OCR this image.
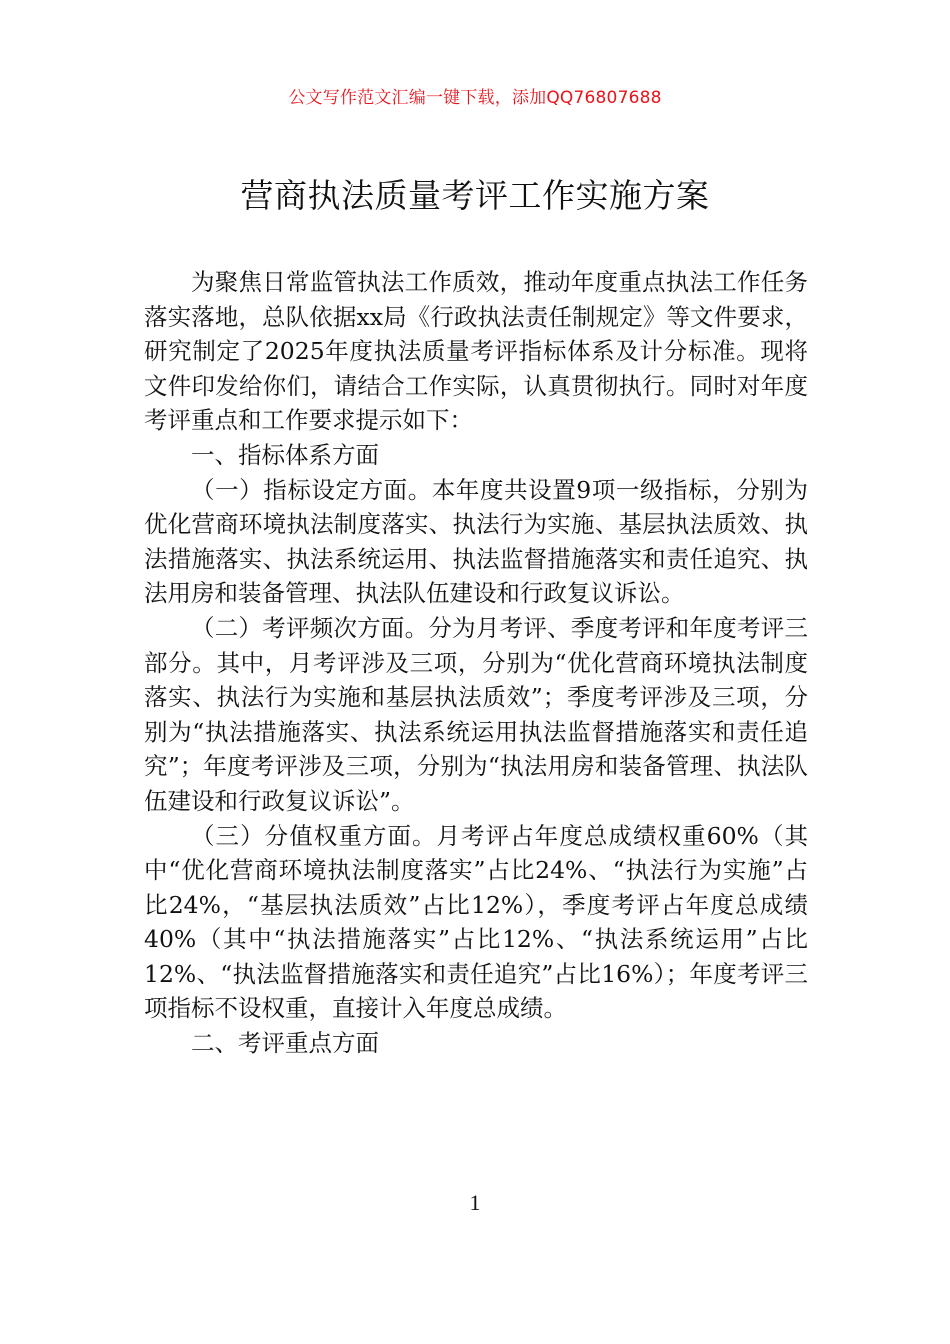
公文写作范文汇编一键下载，添加QQ76807688
营商执法质量考评工作实施方案

为聚焦日常监管执法工作质效，推动年度重点执法工作任务落实落地，总队依据xx局《行政执法责任制规定》等文件要求，研究制定了2025年度执法质量考评指标体系及计分标准。现将文件印发给你们，请结合工作实际，认真贯彻执行。同时对年度考评重点和工作要求提示如下：

一、指标体系方面

（一）指标设定方面。本年度共设置9项一级指标，分别为优化营商环境执法制度落实、执法行为实施、基层执法质效、执法措施落实、执法系统运用、执法监督措施落实和责任追究、执法用房和装备管理、执法队伍建设和行政复议诉讼。

（二）考评频次方面。分为月考评、季度考评和年度考评三部分。其中，月考评涉及三项，分别为“优化营商环境执法制度落实、执法行为实施和基层执法质效”；季度考评涉及三项，分别为“执法措施落实、执法系统运用执法监督措施落实和责任追究”；年度考评涉及三项，分别为“执法用房和装备管理、执法队伍建设和行政复议诉讼”。

（三）分值权重方面。月考评占年度总成绩权重60%（其中“优化营商环境执法制度落实”占比24%、“执法行为实施”占比24%，“基层执法质效”占比12%），季度考评占年度总成绩40%（其中“执法措施落实”占比12%、“执法系统运用”占比12%、“执法监督措施落实和责任追究”占比16%）；年度考评三项指标不设权重，直接计入年度总成绩。

二、考评重点方面

1
